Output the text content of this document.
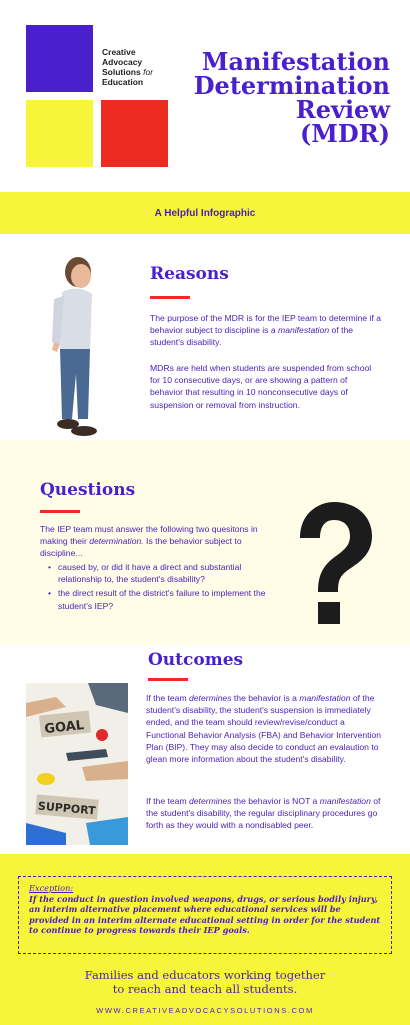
Creative
Advocacy
Solutions for
Education
Manifestation
Determination
Review
(MDR)
A Helpful Infographic
Reasons

The purpose of the MDR is for the IEP team to determine if a behavior subject to discipline is a manifestation of the student's disability.

MDRs are held when students are suspended from school for 10 consecutive days, or are showing a pattern of behavior that resulting in 10 nonconsecutive days of suspension or removal from instruction.

Questions

The IEP team must answer the following two quesitons in making their determination. Is the behavior subject to discipline...

• caused by, or did it have a direct and substantial relationship to, the student's disability?
• the direct result of the district's failure to implement the student's IEP?
Outcomes
GOAL
SUPPORT

If the team determines the behavior is a manifestation of the student's disability, the student's suspension is immediately ended, and the team should review/revise/conduct a Functional Behavior Analysis (FBA) and Behavior Intervention Plan (BIP). They may also decide to conduct an evalaution to glean more information about the student's disability.

If the team determines the behavior is NOT a manifestation of the student's disability, the regular disciplinary procedures go forth as they would with a nondisabled peer.

Exception:
If the conduct in question involved weapons, drugs, or serious bodily injury, an interim alternative placement where educational services will be provided in an interim alternate educational setting in order for the student to continue to progress towards their IEP goals.
Families and educators working together
to reach and teach all students.
WWW.CREATIVEADVOCACYSOLUTIONS.COM
